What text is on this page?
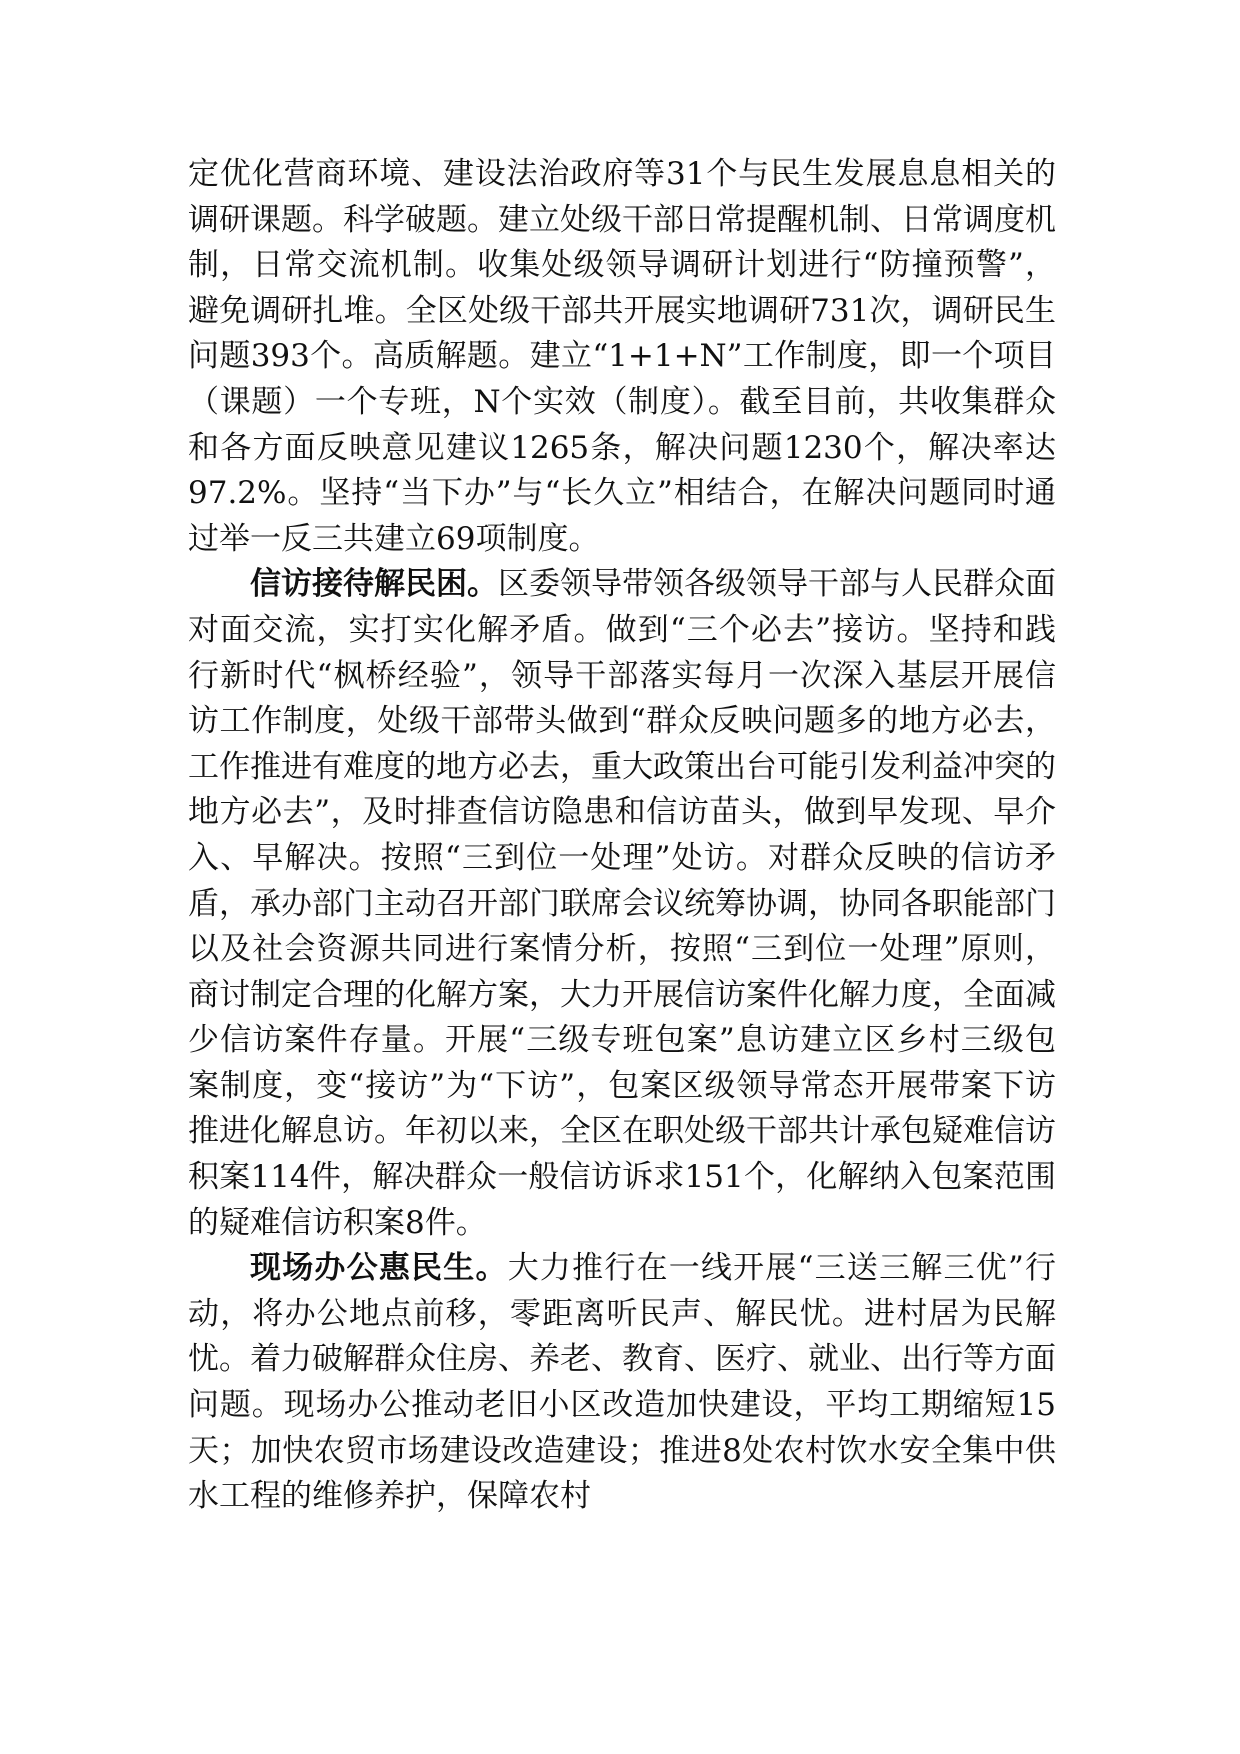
定优化营商环境、建设法治政府等31个与民生发展息息相关的调研课题。科学破题。建立处级干部日常提醒机制、日常调度机制，日常交流机制。收集处级领导调研计划进行“防撞预警”，避免调研扎堆。全区处级干部共开展实地调研731次，调研民生问题393个。高质解题。建立“1+1+N”工作制度，即一个项目（课题）一个专班，N个实效（制度）。截至目前，共收集群众和各方面反映意见建议1265条，解决问题1230个，解决率达97.2%。坚持“当下办”与“长久立”相结合，在解决问题同时通过举一反三共建立69项制度。

信访接待解民困。区委领导带领各级领导干部与人民群众面对面交流，实打实化解矛盾。做到“三个必去”接访。坚持和践行新时代“枫桥经验”，领导干部落实每月一次深入基层开展信访工作制度，处级干部带头做到“群众反映问题多的地方必去，工作推进有难度的地方必去，重大政策出台可能引发利益冲突的地方必去”，及时排查信访隐患和信访苗头，做到早发现、早介入、早解决。按照“三到位一处理”处访。对群众反映的信访矛盾，承办部门主动召开部门联席会议统筹协调，协同各职能部门以及社会资源共同进行案情分析，按照“三到位一处理”原则，商讨制定合理的化解方案，大力开展信访案件化解力度，全面减少信访案件存量。开展“三级专班包案”息访建立区乡村三级包案制度，变“接访”为“下访”，包案区级领导常态开展带案下访推进化解息访。年初以来，全区在职处级干部共计承包疑难信访积案114件，解决群众一般信访诉求151个，化解纳入包案范围的疑难信访积案8件。

现场办公惠民生。大力推行在一线开展“三送三解三优”行动，将办公地点前移，零距离听民声、解民忧。进村居为民解忧。着力破解群众住房、养老、教育、医疗、就业、出行等方面问题。现场办公推动老旧小区改造加快建设，平均工期缩短15天；加快农贸市场建设改造建设；推进8处农村饮水安全集中供水工程的维修养护，保障农村
